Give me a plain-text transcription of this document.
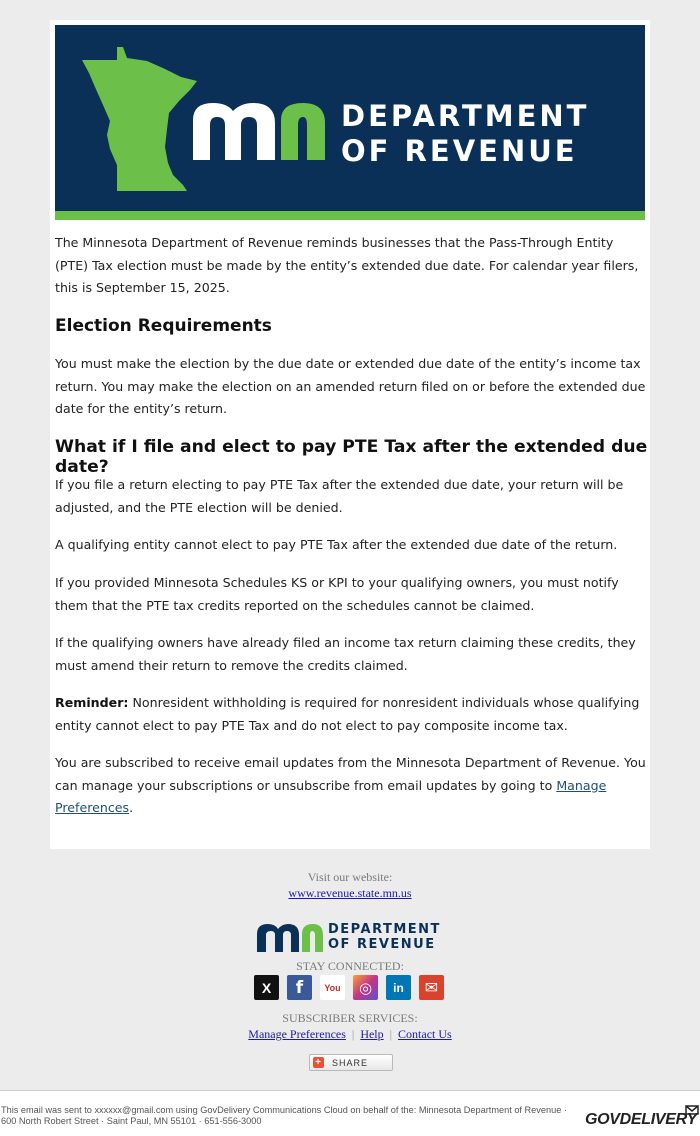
DEPARTMENT
OF REVENUE
The Minnesota Department of Revenue reminds businesses that the Pass-Through Entity (PTE) Tax election must be made by the entity’s extended due date. For calendar year filers, this is September 15, 2025.
Election Requirements
You must make the election by the due date or extended due date of the entity’s income tax return. You may make the election on an amended return filed on or before the extended due date for the entity’s return.
What if I file and elect to pay PTE Tax after the extended due date?
If you file a return electing to pay PTE Tax after the extended due date, your return will be adjusted, and the PTE election will be denied.
A qualifying entity cannot elect to pay PTE Tax after the extended due date of the return.
If you provided Minnesota Schedules KS or KPI to your qualifying owners, you must notify them that the PTE tax credits reported on the schedules cannot be claimed.
If the qualifying owners have already filed an income tax return claiming these credits, they must amend their return to remove the credits claimed.
Reminder: Nonresident withholding is required for nonresident individuals whose qualifying entity cannot elect to pay PTE Tax and do not elect to pay composite income tax.
You are subscribed to receive email updates from the Minnesota Department of Revenue. You can manage your subscriptions or unsubscribe from email updates by going to Manage Preferences.
Visit our website:
www.revenue.state.mn.us
DEPARTMENT
OF REVENUE
STAY CONNECTED:
X	f	You	◎	in	✉
SUBSCRIBER SERVICES:
Manage Preferences | Help | Contact Us
+ SHARE
This email was sent to xxxxxx@gmail.com using GovDelivery Communications Cloud on behalf of the: Minnesota Department of Revenue · 600 North Robert Street · Saint Paul, MN 55101 · 651-556-3000	GOVDELIVERY
